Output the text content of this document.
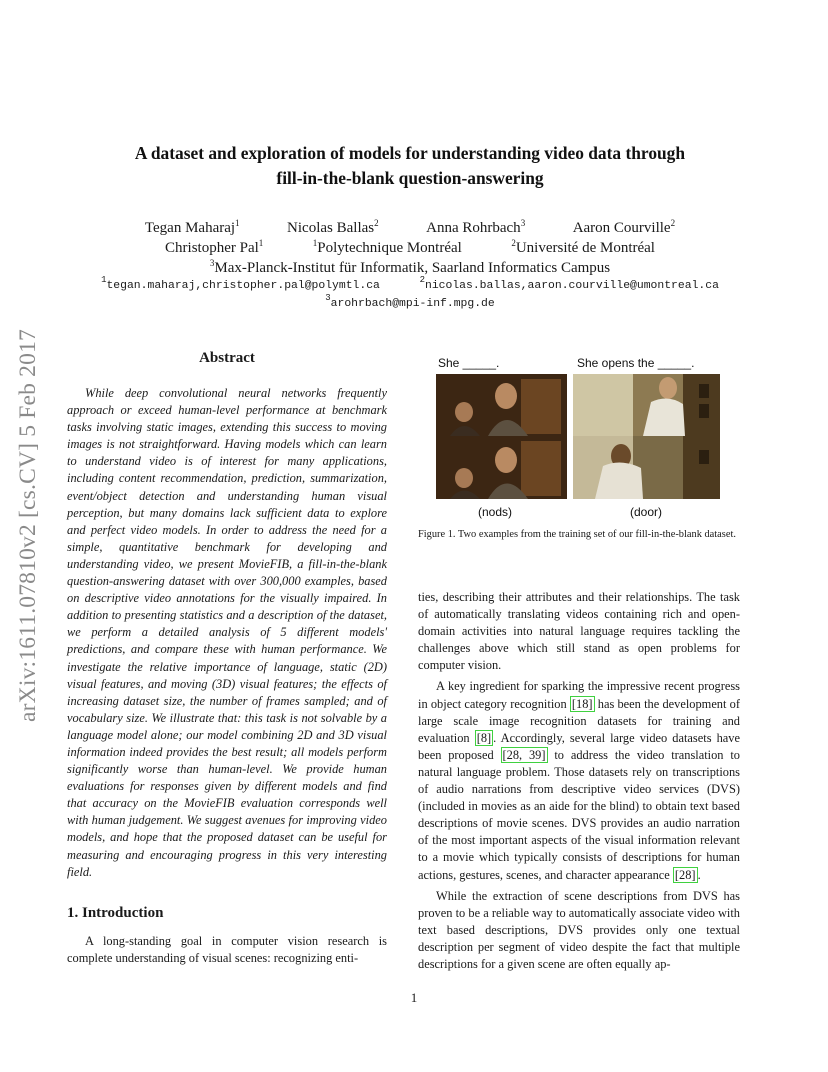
arXiv:1611.07810v2 [cs.CV] 5 Feb 2017
A dataset and exploration of models for understanding video data through
fill-in-the-blank question-answering
Tegan Maharaj$^1$	Nicolas Ballas$^2$	Anna Rohrbach$^3$	Aaron Courville$^2$
Christopher Pal$^1$	$^1$Polytechnique Montréal	$^2$Université de Montréal
$^3$Max-Planck-Institut für Informatik, Saarland Informatics Campus
$^1$tegan.maharaj,christopher.pal@polymtl.ca	$^2$nicolas.ballas,aaron.courville@umontreal.ca
$^3$arohrbach@mpi-inf.mpg.de
Abstract
While deep convolutional neural networks frequently approach or exceed human-level performance at benchmark tasks involving static images, extending this success to moving images is not straightforward. Having models which can learn to understand video is of interest for many applications, including content recommendation, prediction, summarization, event/object detection and understanding human visual perception, but many domains lack sufficient data to explore and perfect video models. In order to address the need for a simple, quantitative benchmark for developing and understanding video, we present MovieFIB, a fill-in-the-blank question-answering dataset with over 300,000 examples, based on descriptive video annotations for the visually impaired. In addition to presenting statistics and a description of the dataset, we perform a detailed analysis of 5 different models' predictions, and compare these with human performance. We investigate the relative importance of language, static (2D) visual features, and moving (3D) visual features; the effects of increasing dataset size, the number of frames sampled; and of vocabulary size. We illustrate that: this task is not solvable by a language model alone; our model combining 2D and 3D visual information indeed provides the best result; all models perform significantly worse than human-level. We provide human evaluations for responses given by different models and find that accuracy on the MovieFIB evaluation corresponds well with human judgement. We suggest avenues for improving video models, and hope that the proposed dataset can be useful for measuring and encouraging progress in this very interesting field.
1. Introduction
A long-standing goal in computer vision research is complete understanding of visual scenes: recognizing enti-
She _____.	She opens the _____.
(nods)	(door)
Figure 1. Two examples from the training set of our fill-in-the-blank dataset.

ties, describing their attributes and their relationships. The task of automatically translating videos containing rich and open-domain activities into natural language requires tackling the challenges above which still stand as open problems for computer vision.

A key ingredient for sparking the impressive recent progress in object category recognition [18] has been the development of large scale image recognition datasets for training and evaluation [8] . Accordingly, several large video datasets have been proposed [28, 39] to address the video translation to natural language problem. Those datasets rely on transcriptions of audio narrations from descriptive video services (DVS) (included in movies as an aide for the blind) to obtain text based descriptions of movie scenes. DVS provides an audio narration of the most important aspects of the visual information relevant to a movie which typically consists of descriptions for human actions, gestures, scenes, and character appearance [28] .

While the extraction of scene descriptions from DVS has proven to be a reliable way to automatically associate video with text based descriptions, DVS provides only one textual description per segment of video despite the fact that multiple descriptions for a given scene are often equally ap-

1
